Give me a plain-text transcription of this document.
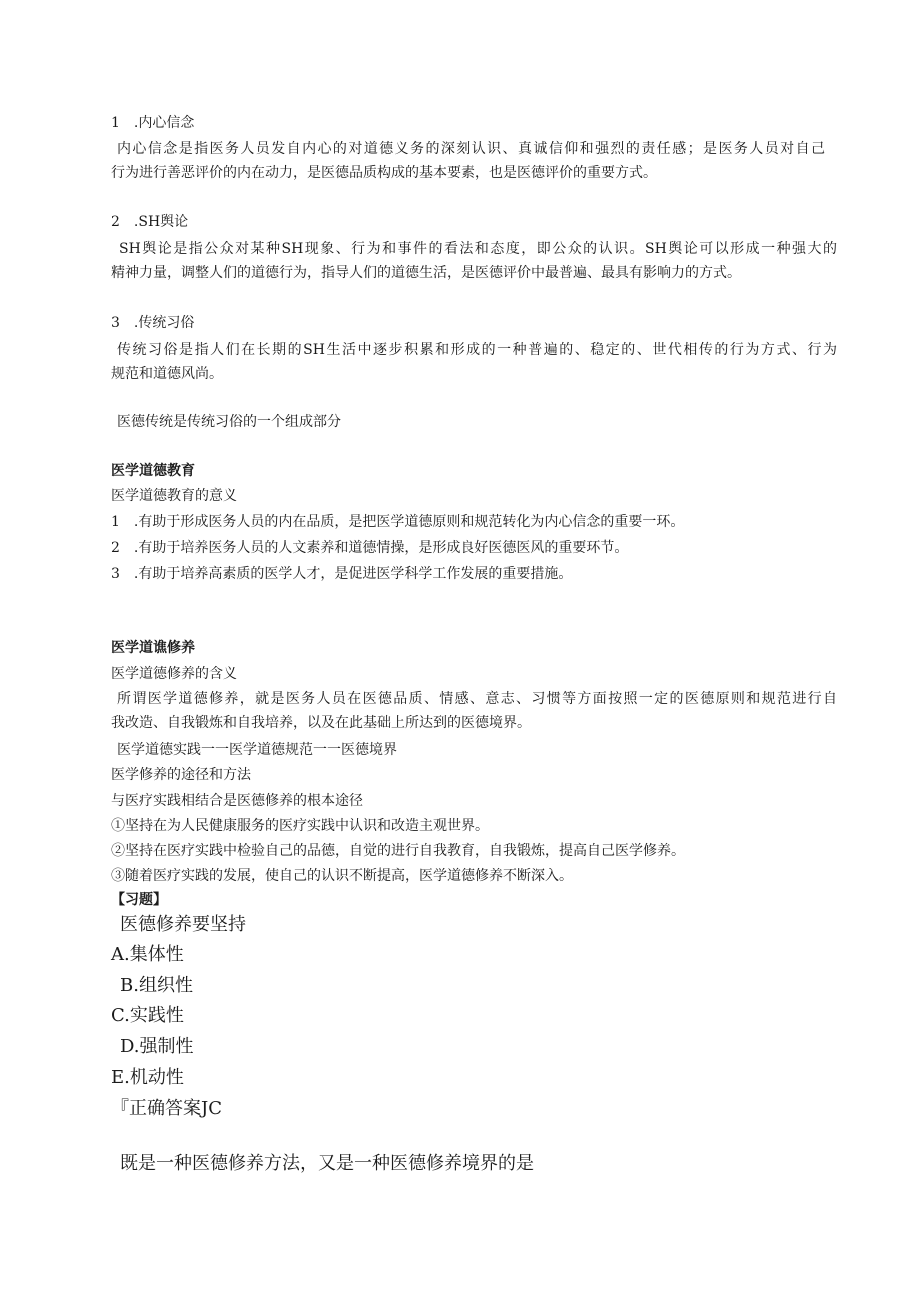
1　.内心信念
内心信念是指医务人员发自内心的对道德义务的深刻认识、真诚信仰和强烈的责任感；是医务人员对自己
行为进行善恶评价的内在动力，是医德品质构成的基本要素，也是医德评价的重要方式。
2　.SH舆论
SH舆论是指公众对某种SH现象、行为和事件的看法和态度，即公众的认识。SH舆论可以形成一种强大的
精神力量，调整人们的道德行为，指导人们的道德生活，是医德评价中最普遍、最具有影响力的方式。
3　.传统习俗
传统习俗是指人们在长期的SH生活中逐步积累和形成的一种普遍的、稳定的、世代相传的行为方式、行为
规范和道德风尚。
医德传统是传统习俗的一个组成部分
医学道德教育
医学道德教育的意义
1　.有助于形成医务人员的内在品质，是把医学道德原则和规范转化为内心信念的重要一环。
2　.有助于培养医务人员的人文素养和道德情操，是形成良好医德医风的重要环节。
3　.有助于培养高素质的医学人才，是促进医学科学工作发展的重要措施。
医学道谯修养
医学道德修养的含义
所谓医学道德修养，就是医务人员在医德品质、情感、意志、习惯等方面按照一定的医德原则和规范进行自
我改造、自我锻炼和自我培养，以及在此基础上所达到的医德境界。
医学道德实践一一医学道德规范一一医德境界
医学修养的途径和方法
与医疗实践相结合是医德修养的根本途径
①坚持在为人民健康服务的医疗实践中认识和改造主观世界。
②坚持在医疗实践中检验自己的品德，自觉的进行自我教育，自我锻炼，提高自己医学修养。
③随着医疗实践的发展，使自己的认识不断提高，医学道德修养不断深入。
【习题】
医德修养要坚持
A.集体性
B.组织性
C.实践性
D.强制性
E.机动性
『正确答案JC
既是一种医德修养方法，又是一种医德修养境界的是
